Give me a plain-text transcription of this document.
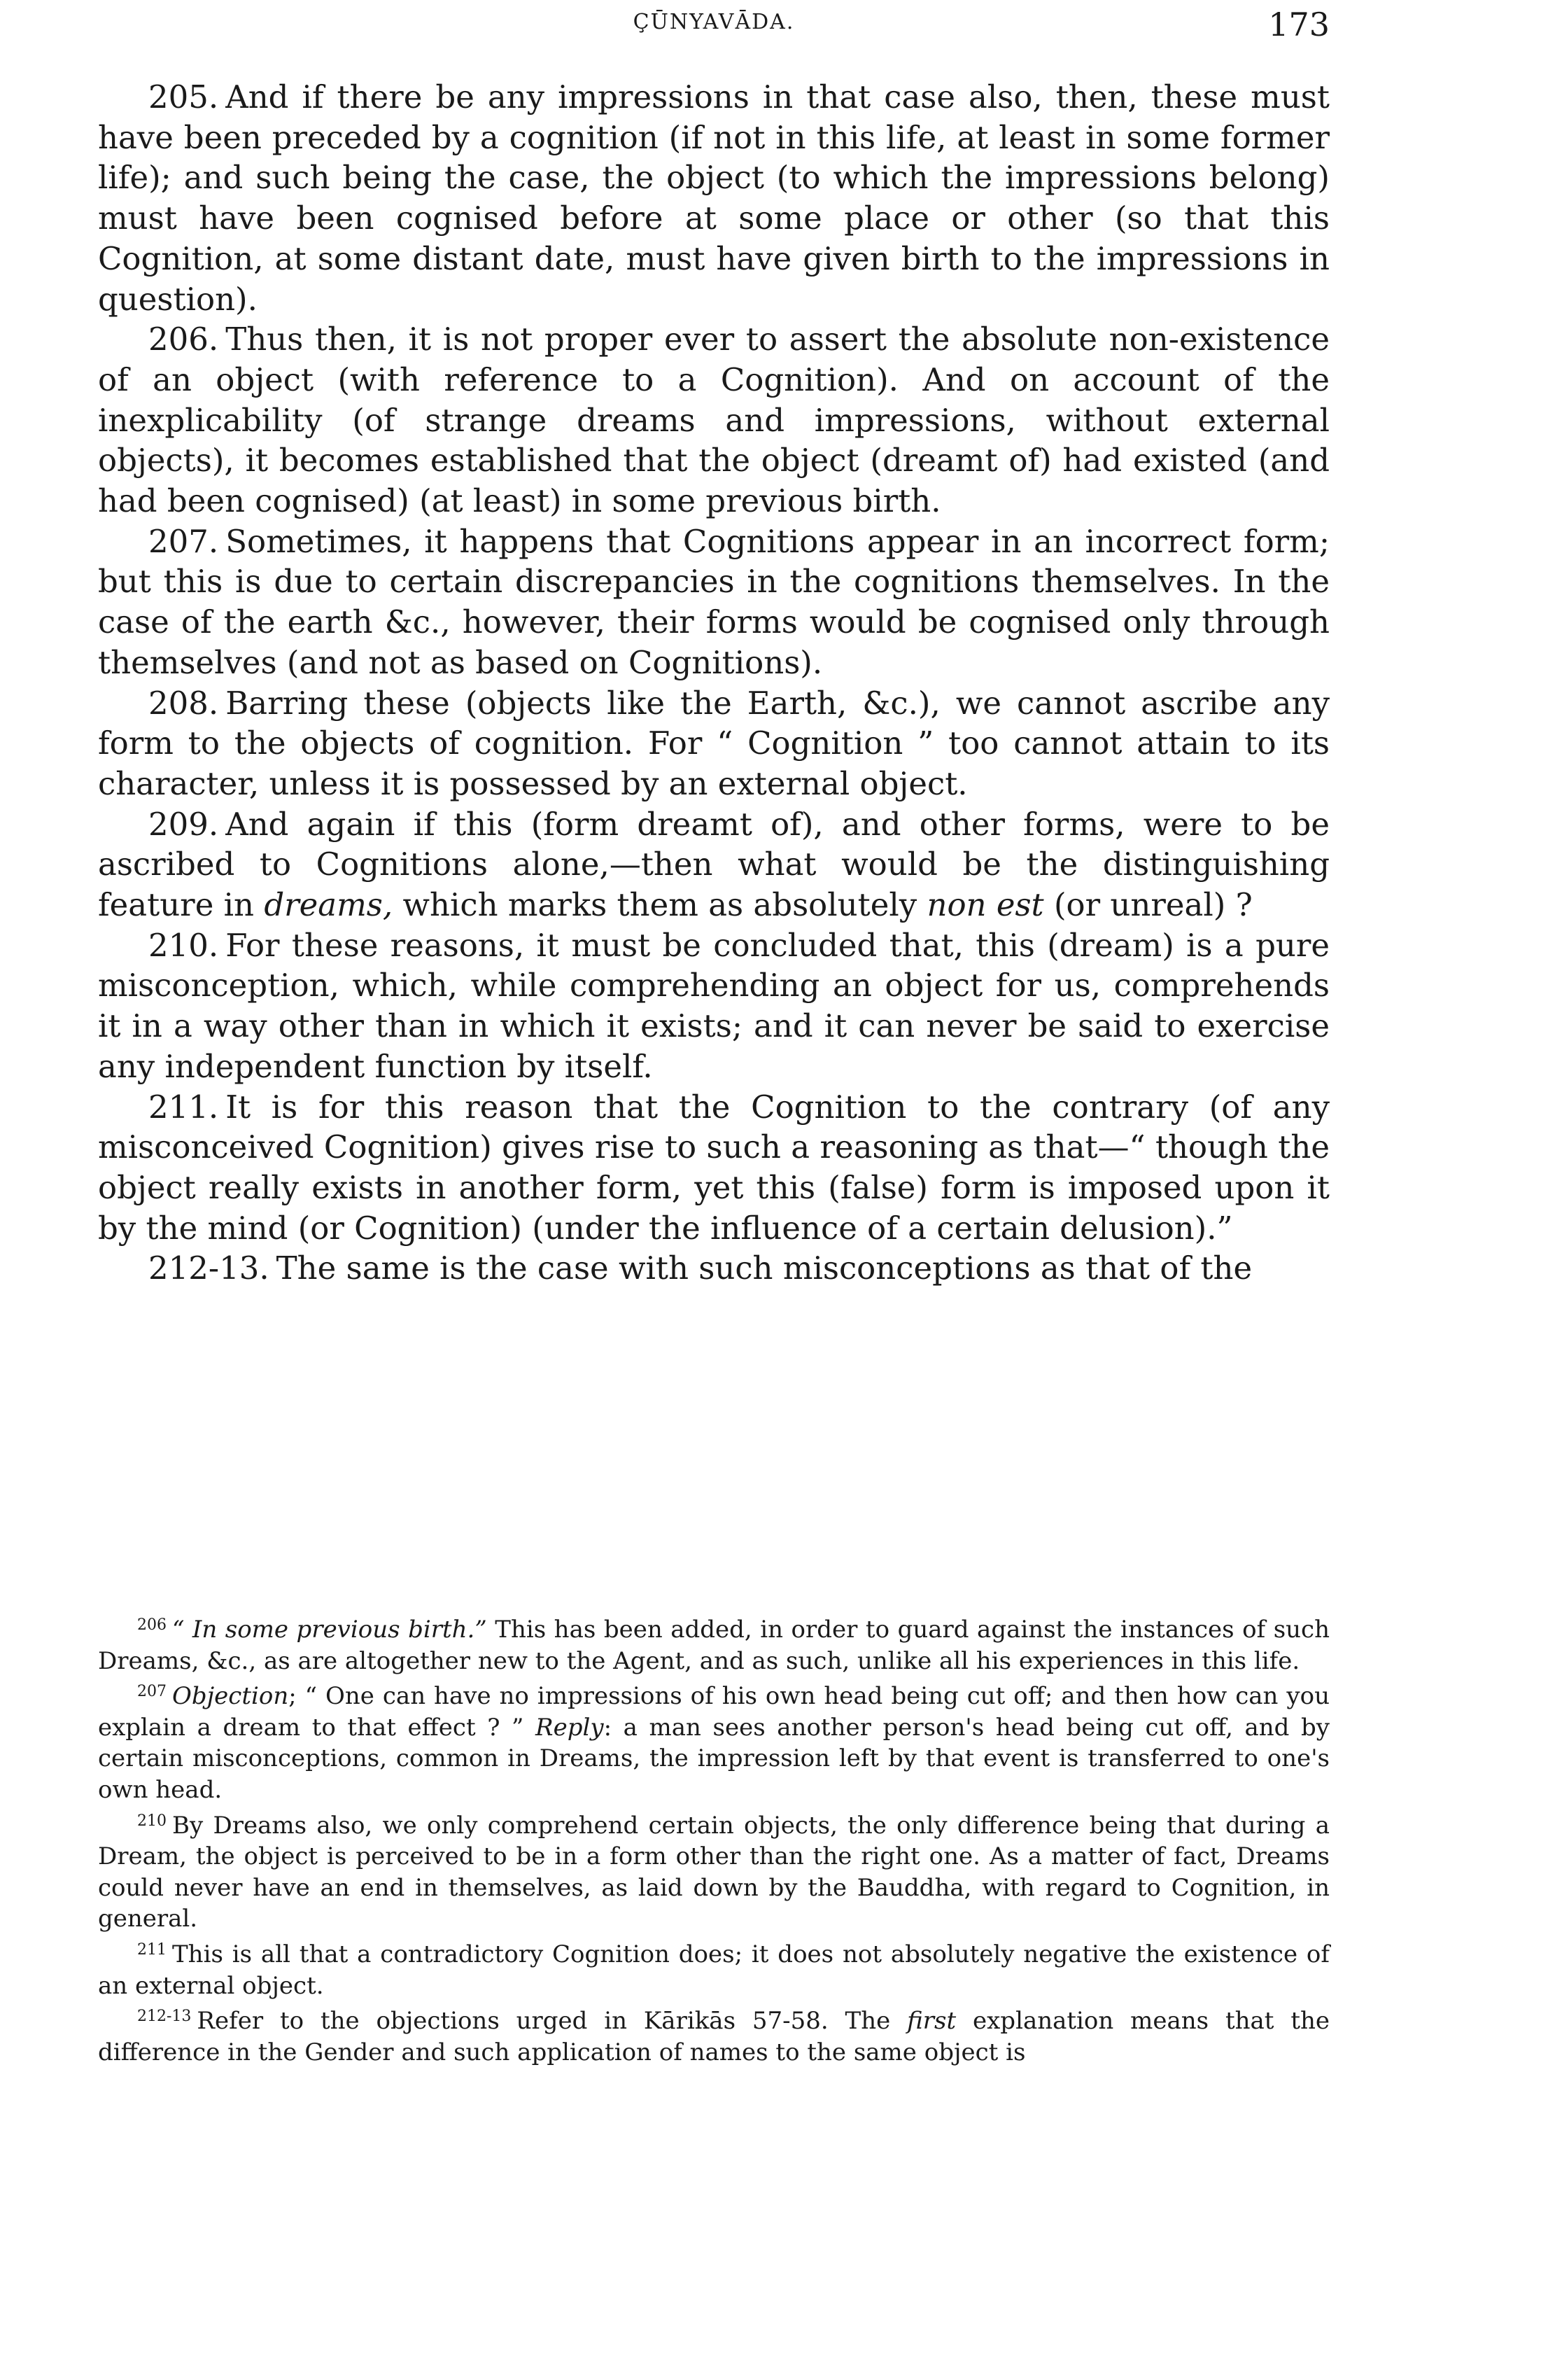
ÇŪNYAVĀDA.	173

205. And if there be any impressions in that case also, then, these must have been preceded by a cognition (if not in this life, at least in some former life); and such being the case, the object (to which the impressions belong) must have been cognised before at some place or other (so that this Cognition, at some distant date, must have given birth to the impressions in question).

206. Thus then, it is not proper ever to assert the absolute non-existence of an object (with reference to a Cognition). And on account of the inexplicability (of strange dreams and impressions, without external objects), it becomes established that the object (dreamt of) had existed (and had been cognised) (at least) in some previous birth.

207. Sometimes, it happens that Cognitions appear in an incorrect form; but this is due to certain discrepancies in the cognitions themselves. In the case of the earth &c., however, their forms would be cognised only through themselves (and not as based on Cognitions).

208. Barring these (objects like the Earth, &c.), we cannot ascribe any form to the objects of cognition. For “ Cognition ” too cannot attain to its character, unless it is possessed by an external object.

209. And again if this (form dreamt of), and other forms, were to be ascribed to Cognitions alone,—then what would be the distinguishing feature in dreams, which marks them as absolutely non est (or unreal) ?

210. For these reasons, it must be concluded that, this (dream) is a pure misconception, which, while comprehending an object for us, comprehends it in a way other than in which it exists; and it can never be said to exercise any independent function by itself.

211. It is for this reason that the Cognition to the contrary (of any misconceived Cognition) gives rise to such a reasoning as that—“ though the object really exists in another form, yet this (false) form is imposed upon it by the mind (or Cognition) (under the influence of a certain delusion).”

212-13. The same is the case with such misconceptions as that of the

$^{206}$ “ In some previous birth.” This has been added, in order to guard against the instances of such Dreams, &c., as are altogether new to the Agent, and as such, unlike all his experiences in this life.

$^{207}$ Objection; “ One can have no impressions of his own head being cut off; and then how can you explain a dream to that effect ? ” Reply: a man sees another person's head being cut off, and by certain misconceptions, common in Dreams, the impression left by that event is transferred to one's own head.

$^{210}$ By Dreams also, we only comprehend certain objects, the only difference being that during a Dream, the object is perceived to be in a form other than the right one. As a matter of fact, Dreams could never have an end in themselves, as laid down by the Bauddha, with regard to Cognition, in general.

$^{211}$ This is all that a contradictory Cognition does; it does not absolutely negative the existence of an external object.

$^{212-13}$ Refer to the objections urged in Kārikās 57-58. The first explanation means that the difference in the Gender and such application of names to the same object is
